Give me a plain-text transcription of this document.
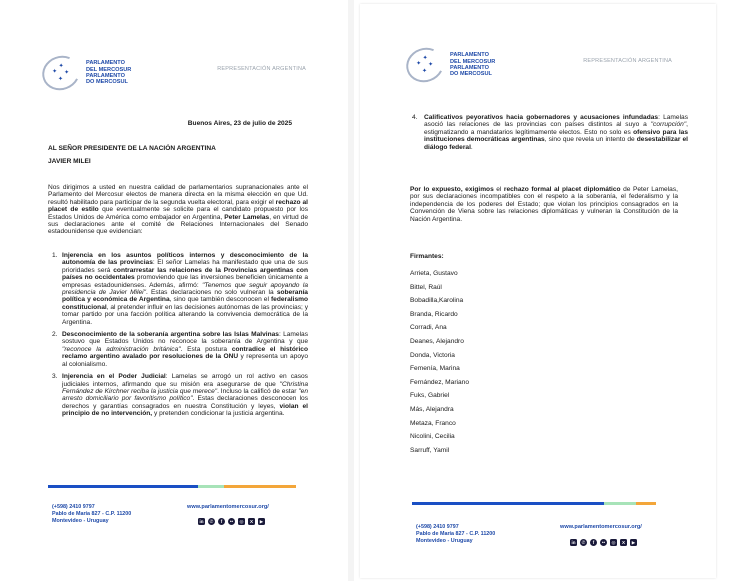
✦
✦
✦
✦
PARLAMENTO
DEL MERCOSUR
PARLAMENTO
DO MERCOSUL
REPRESENTACIÓN ARGENTINA
Buenos Aires, 23 de julio de 2025
AL SEÑOR PRESIDENTE DE LA NACIÓN ARGENTINA
JAVIER MILEI
Nos dirigimos a usted en nuestra calidad de parlamentarios supranacionales ante el Parlamento del Mercosur electos de manera directa en la misma elección en que Ud. resultó habilitado para participar de la segunda vuelta electoral, para exigir el rechazo al placet de estilo que eventualmente se solicite para el candidato propuesto por los Estados Unidos de América como embajador en Argentina, Peter Lamelas, en virtud de sus declaraciones ante el comité de Relaciones Internacionales del Senado estadounidense que evidencian:
1. Injerencia en los asuntos políticos internos y desconocimiento de la autonomía de las provincias: El señor Lamelas ha manifestado que una de sus prioridades será contrarrestar las relaciones de la Provincias argentinas con países no occidentales promoviendo que las inversiones beneficien únicamente a empresas estadounidenses. Además, afirmó: "Tenemos que seguir apoyando la presidencia de Javier Milei". Estas declaraciones no solo vulneran la soberanía política y económica de Argentina, sino que también desconocen el federalismo constitucional, al pretender influir en las decisiones autónomas de las provincias; y tomar partido por una facción política alterando la convivencia democrática de la Argentina.
2. Desconocimiento de la soberanía argentina sobre las Islas Malvinas: Lamelas sostuvo que Estados Unidos no reconoce la soberanía de Argentina y que "reconoce la administración británica". Esta postura contradice el histórico reclamo argentino avalado por resoluciones de la ONU y representa un apoyo al colonialismo.
3. Injerencia en el Poder Judicial: Lamelas se arrogó un rol activo en casos judiciales internos, afirmando que su misión era asegurarse de que "Christina Fernández de Kirchner reciba la justicia que merece". Incluso la calificó de estar "en arresto domiciliario por favoritismo político". Estas declaraciones desconocen los derechos y garantías consagrados en nuestra Constitución y leyes, violan el principio de no intervención, y pretenden condicionar la justicia argentina.
(+598) 2410 9797
Pablo de María 827 - C.P. 11200
Montevideo - Uruguay
www.parlamentomercosur.org/
in	✆	f	••	◎	X	▶
✦
✦
✦
✦
PARLAMENTO
DEL MERCOSUR
PARLAMENTO
DO MERCOSUL
REPRESENTACIÓN ARGENTINA
4. Calificativos peyorativos hacia gobernadores y acusaciones infundadas: Lamelas asoció las relaciones de las provincias con países distintos al suyo a "corrupción", estigmatizando a mandatarios legítimamente electos. Esto no solo es ofensivo para las instituciones democráticas argentinas, sino que revela un intento de desestabilizar el diálogo federal.
Por lo expuesto, exigimos el rechazo formal al placet diplomático de Peter Lamelas, por sus declaraciones incompatibles con el respeto a la soberanía, el federalismo y la independencia de los poderes del Estado; que violan los principios consagrados en la Convención de Viena sobre las relaciones diplomáticas y vulneran la Constitución de la Nación Argentina.
Firmantes:
Arrieta, Gustavo
Bittel, Raúl
Bobadilla,Karolina
Branda, Ricardo
Corradi, Ana
Deanes, Alejandro
Donda, Victoria
Femenía, Marina
Fernández, Mariano
Fuks, Gabriel
Más, Alejandra
Metaza, Franco
Nicolini, Cecilia
Sarruff, Yamil
(+598) 2410 9797
Pablo de María 827 - C.P. 11200
Montevideo - Uruguay
www.parlamentomercosur.org/
in	✆	f	••	◎	X	▶
